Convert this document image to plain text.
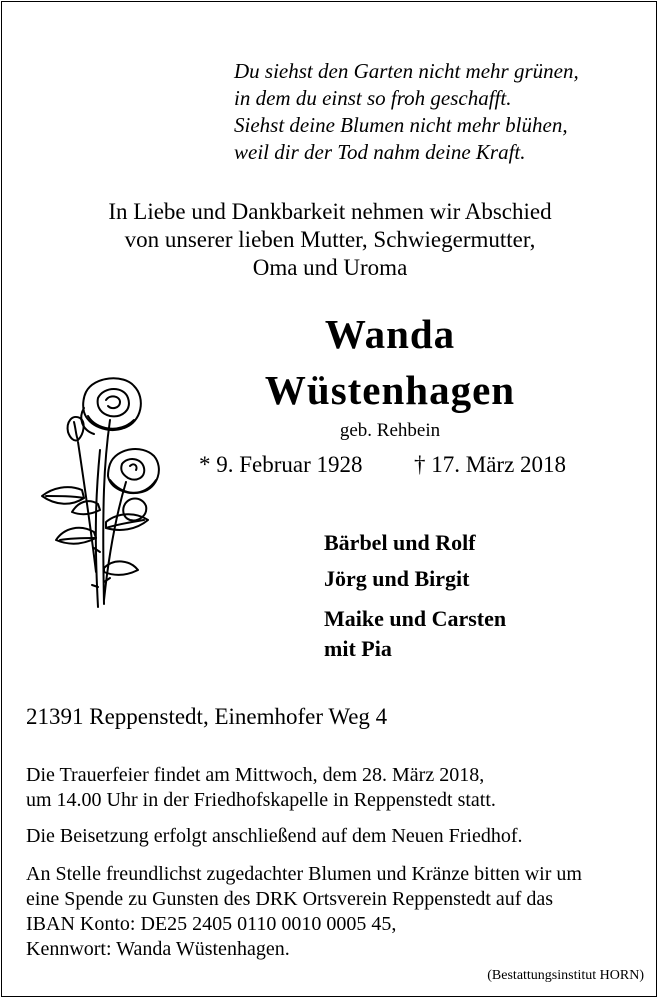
Du siehst den Garten nicht mehr grünen,
in dem du einst so froh geschafft.
Siehst deine Blumen nicht mehr blühen,
weil dir der Tod nahm deine Kraft.
In Liebe und Dankbarkeit nehmen wir Abschied
von unserer lieben Mutter, Schwiegermutter,
Oma und Uroma
Wanda
Wüstenhagen
geb. Rehbein
* 9. Februar 1928 † 17. März 2018
Bärbel und Rolf
Jörg und Birgit
Maike und Carsten
mit Pia
21391 Reppenstedt, Einemhofer Weg 4
Die Trauerfeier findet am Mittwoch, dem 28. März 2018,
um 14.00 Uhr in der Friedhofskapelle in Reppenstedt statt.
Die Beisetzung erfolgt anschließend auf dem Neuen Friedhof.
An Stelle freundlichst zugedachter Blumen und Kränze bitten wir um
eine Spende zu Gunsten des DRK Ortsverein Reppenstedt auf das
IBAN Konto: DE25 2405 0110 0010 0005 45,
Kennwort: Wanda Wüstenhagen.
(Bestattungsinstitut HORN)
